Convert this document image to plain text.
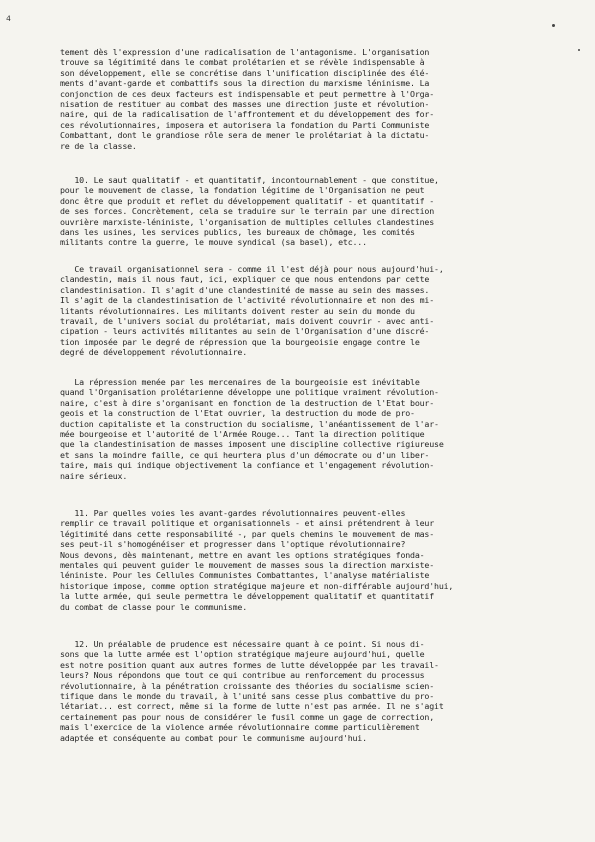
4
tement dès l'expression d'une radicalisation de l'antagonisme. L'organisation
trouve sa légitimité dans le combat prolétarien et se révèle indispensable à
son développement, elle se concrétise dans l'unification disciplinée des élé-
ments d'avant-garde et combattifs sous la direction du marxisme léninisme. La
conjonction de ces deux facteurs est indispensable et peut permettre à l'Orga-
nisation de restituer au combat des masses une direction juste et révolution-
naire, qui de la radicalisation de l'affrontement et du développement des for-
ces révolutionnaires, imposera et autorisera la fondation du Parti Communiste
Combattant, dont le grandiose rôle sera de mener le prolétariat à la dictatu-
re de la classe.
10. Le saut qualitatif - et quantitatif, incontournablement - que constitue,
pour le mouvement de classe, la fondation légitime de l'Organisation ne peut
donc être que produit et reflet du développement qualitatif - et quantitatif -
de ses forces. Concrètement, cela se traduire sur le terrain par une direction
ouvrière marxiste-léniniste, l'organisation de multiples cellules clandestines
dans les usines, les services publics, les bureaux de chômage, les comités
militants contre la guerre, le mouve syndical (sa basel), etc...
Ce travail organisationnel sera - comme il l'est déjà pour nous aujourd'hui-,
clandestin, mais il nous faut, ici, expliquer ce que nous entendons par cette
clandestinisation. Il s'agit d'une clandestinité de masse au sein des masses.
Il s'agit de la clandestinisation de l'activité révolutionnaire et non des mi-
litants révolutionnaires. Les militants doivent rester au sein du monde du
travail, de l'univers social du prolétariat, mais doivent couvrir - avec anti-
cipation - leurs activités militantes au sein de l'Organisation d'une discré-
tion imposée par le degré de répression que la bourgeoisie engage contre le
degré de développement révolutionnaire.
La répression menée par les mercenaires de la bourgeoisie est inévitable
quand l'Organisation prolétarienne développe une politique vraiment révolution-
naire, c'est à dire s'organisant en fonction de la destruction de l'Etat bour-
geois et la construction de l'Etat ouvrier, la destruction du mode de pro-
duction capitaliste et la construction du socialisme, l'anéantissement de l'ar-
mée bourgeoise et l'autorité de l'Armée Rouge... Tant la direction politique
que la clandestinisation de masses imposent une discipline collective rigiureuse
et sans la moindre faille, ce qui heurtera plus d'un démocrate ou d'un liber-
taire, mais qui indique objectivement la confiance et l'engagement révolution-
naire sérieux.
11. Par quelles voies les avant-gardes révolutionnaires peuvent-elles
remplir ce travail politique et organisationnels - et ainsi prétendrent à leur
légitimité dans cette responsabilité -, par quels chemins le mouvement de mas-
ses peut-il s'homogénéiser et progresser dans l'optique révolutionnaire?
Nous devons, dès maintenant, mettre en avant les options stratégiques fonda-
mentales qui peuvent guider le mouvement de masses sous la direction marxiste-
léniniste. Pour les Cellules Communistes Combattantes, l'analyse matérialiste
historique impose, comme option stratégique majeure et non-différable aujourd'hui,
la lutte armée, qui seule permettra le développement qualitatif et quantitatif
du combat de classe pour le communisme.
12. Un préalable de prudence est nécessaire quant à ce point. Si nous di-
sons que la lutte armée est l'option stratégique majeure aujourd'hui, quelle
est notre position quant aux autres formes de lutte développée par les travail-
leurs? Nous répondons que tout ce qui contribue au renforcement du processus
révolutionnaire, à la pénétration croissante des théories du socialisme scien-
tifique dans le monde du travail, à l'unité sans cesse plus combattive du pro-
létariat... est correct, même si la forme de lutte n'est pas armée. Il ne s'agit
certainement pas pour nous de considérer le fusil comme un gage de correction,
mais l'exercice de la violence armée révolutionnaire comme particulièrement
adaptée et conséquente au combat pour le communisme aujourd'hui.
